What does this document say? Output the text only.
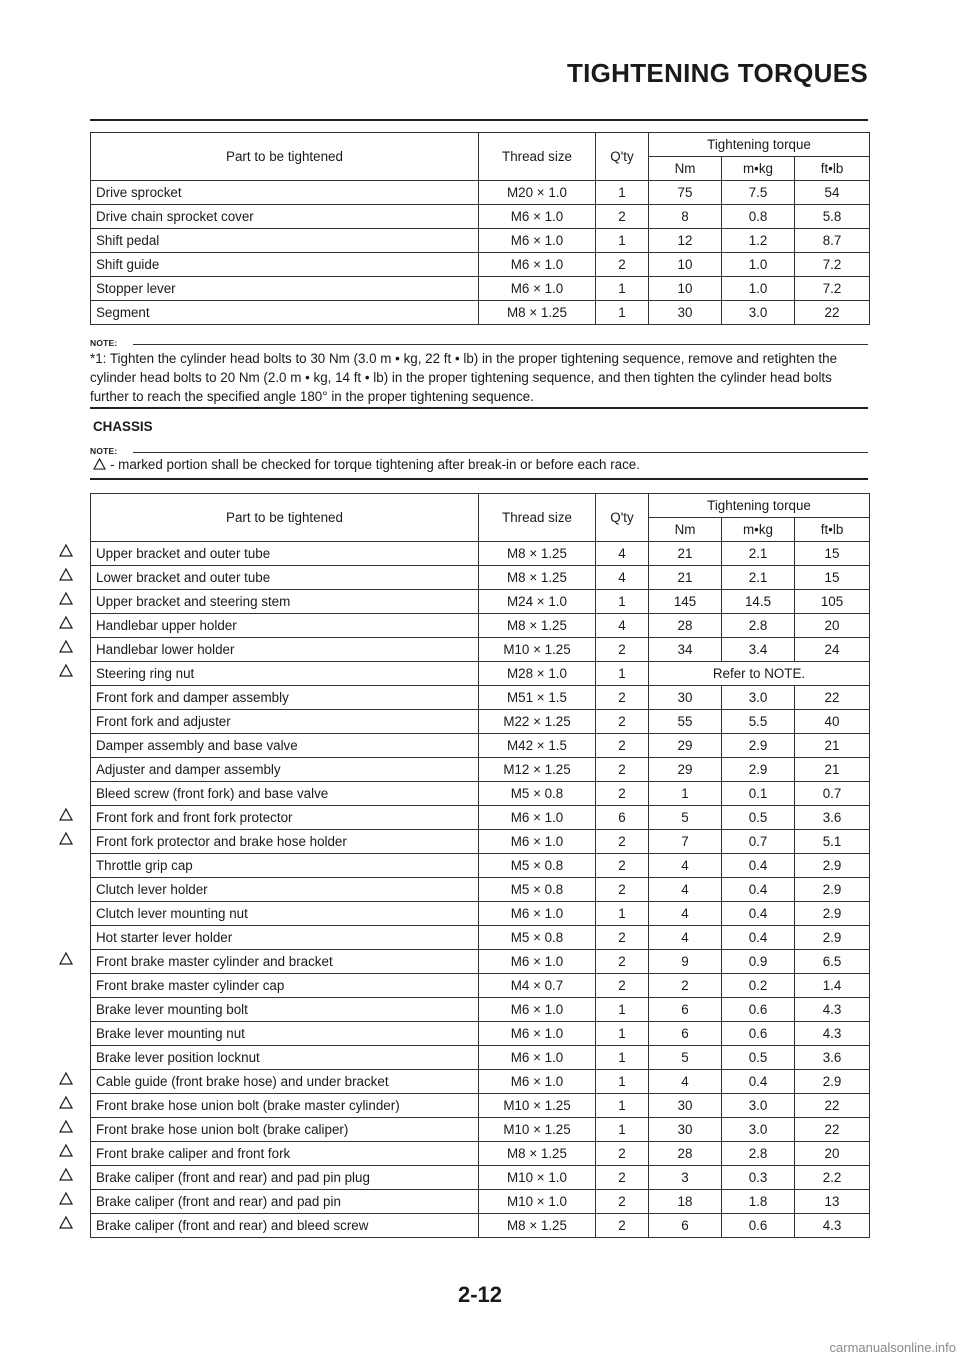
TIGHTENING TORQUES
Part to be tightened	Thread size	Q'ty	Tightening torque		
			Nm	m•kg	ft•lb
Drive sprocket	M20 × 1.0	1	75	7.5	54
Drive chain sprocket cover	M6 × 1.0	2	8	0.8	5.8
Shift pedal	M6 × 1.0	1	12	1.2	8.7
Shift guide	M6 × 1.0	2	10	1.0	7.2
Stopper lever	M6 × 1.0	1	10	1.0	7.2
Segment	M8 × 1.25	1	30	3.0	22
NOTE:

*1: Tighten the cylinder head bolts to 30 Nm (3.0 m • kg, 22 ft • lb) in the proper tightening sequence, remove and retighten the cylinder head bolts to 20 Nm (2.0 m • kg, 14 ft • lb) in the proper tightening sequence, and then tighten the cylinder head bolts further to reach the specified angle 180° in the proper tightening sequence.

CHASSIS
NOTE:
- marked portion shall be checked for torque tightening after break-in or before each race.
Part to be tightened	Thread size	Q'ty	Tightening torque		
			Nm	m•kg	ft•lb
Upper bracket and outer tube	M8 × 1.25	4	21	2.1	15
Lower bracket and outer tube	M8 × 1.25	4	21	2.1	15
Upper bracket and steering stem	M24 × 1.0	1	145	14.5	105
Handlebar upper holder	M8 × 1.25	4	28	2.8	20
Handlebar lower holder	M10 × 1.25	2	34	3.4	24
Steering ring nut	M28 × 1.0	1	Refer to NOTE.		
Front fork and damper assembly	M51 × 1.5	2	30	3.0	22
Front fork and adjuster	M22 × 1.25	2	55	5.5	40
Damper assembly and base valve	M42 × 1.5	2	29	2.9	21
Adjuster and damper assembly	M12 × 1.25	2	29	2.9	21
Bleed screw (front fork) and base valve	M5 × 0.8	2	1	0.1	0.7
Front fork and front fork protector	M6 × 1.0	6	5	0.5	3.6
Front fork protector and brake hose holder	M6 × 1.0	2	7	0.7	5.1
Throttle grip cap	M5 × 0.8	2	4	0.4	2.9
Clutch lever holder	M5 × 0.8	2	4	0.4	2.9
Clutch lever mounting nut	M6 × 1.0	1	4	0.4	2.9
Hot starter lever holder	M5 × 0.8	2	4	0.4	2.9
Front brake master cylinder and bracket	M6 × 1.0	2	9	0.9	6.5
Front brake master cylinder cap	M4 × 0.7	2	2	0.2	1.4
Brake lever mounting bolt	M6 × 1.0	1	6	0.6	4.3
Brake lever mounting nut	M6 × 1.0	1	6	0.6	4.3
Brake lever position locknut	M6 × 1.0	1	5	0.5	3.6
Cable guide (front brake hose) and under bracket	M6 × 1.0	1	4	0.4	2.9
Front brake hose union bolt (brake master cylinder)	M10 × 1.25	1	30	3.0	22
Front brake hose union bolt (brake caliper)	M10 × 1.25	1	30	3.0	22
Front brake caliper and front fork	M8 × 1.25	2	28	2.8	20
Brake caliper (front and rear) and pad pin plug	M10 × 1.0	2	3	0.3	2.2
Brake caliper (front and rear) and pad pin	M10 × 1.0	2	18	1.8	13
Brake caliper (front and rear) and bleed screw	M8 × 1.25	2	6	0.6	4.3

2-12

carmanualsonline.info
